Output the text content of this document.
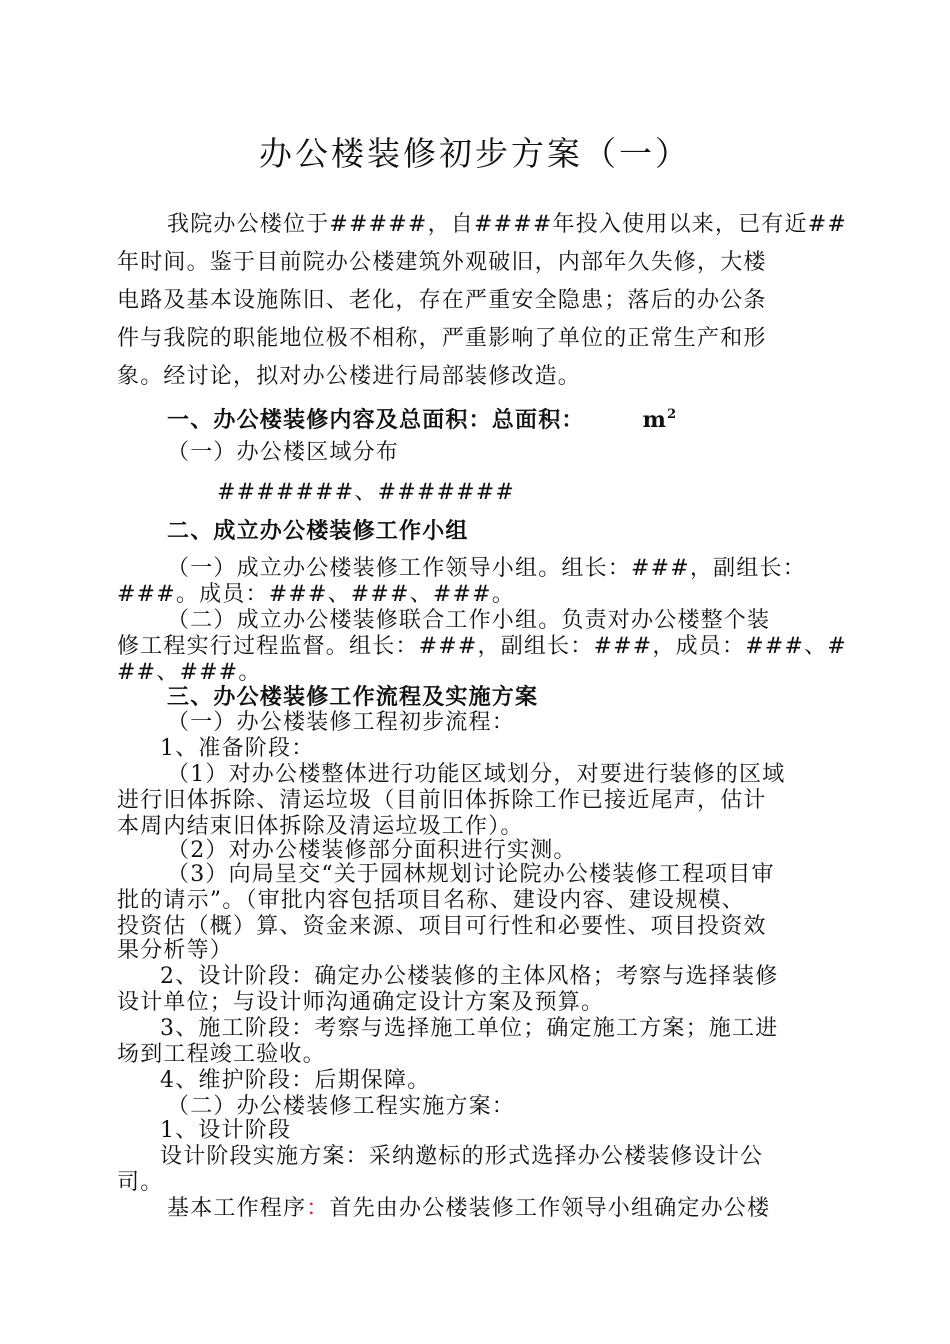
办公楼装修初步方案（一）
我院办公楼位于#####，自####年投入使用以来，已有近##
年时间。鉴于目前院办公楼建筑外观破旧，内部年久失修，大楼
电路及基本设施陈旧、老化，存在严重安全隐患；落后的办公条
件与我院的职能地位极不相称，严重影响了单位的正常生产和形
象。经讨论，拟对办公楼进行局部装修改造。
一、办公楼装修内容及总面积：总面积：	$m^2$
（一）办公楼区域分布
#######、#######
二、成立办公楼装修工作小组
（一）成立办公楼装修工作领导小组。组长：###，副组长：
###。成员：###、###、###。
（二）成立办公楼装修联合工作小组。负责对办公楼整个装
修工程实行过程监督。组长：###，副组长：###，成员：###、#
##、###。
三、办公楼装修工作流程及实施方案
（一）办公楼装修工程初步流程：
1、准备阶段：
（1）对办公楼整体进行功能区域划分，对要进行装修的区域
进行旧体拆除、清运垃圾（目前旧体拆除工作已接近尾声，估计
本周内结束旧体拆除及清运垃圾工作）。
（2）对办公楼装修部分面积进行实测。
（3）向局呈交“关于园林规划讨论院办公楼装修工程项目审
批的请示”。（审批内容包括项目名称、建设内容、建设规模、
投资估（概）算、资金来源、项目可行性和必要性、项目投资效
果分析等）
2、设计阶段：确定办公楼装修的主体风格；考察与选择装修
设计单位；与设计师沟通确定设计方案及预算。
3、施工阶段：考察与选择施工单位；确定施工方案；施工进
场到工程竣工验收。
4、维护阶段：后期保障。
（二）办公楼装修工程实施方案：
1、设计阶段
设计阶段实施方案：采纳邀标的形式选择办公楼装修设计公
司。
基本工作程序：首先由办公楼装修工作领导小组确定办公楼
